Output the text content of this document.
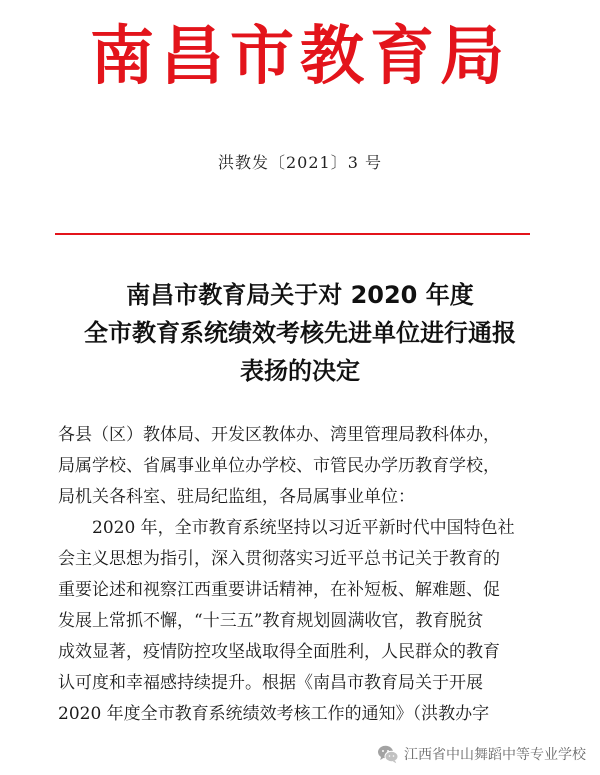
南昌市教育局
洪教发〔2021〕3 号
南昌市教育局关于对 2020 年度
全市教育系统绩效考核先进单位进行通报
表扬的决定

各县（区）教体局、开发区教体办、湾里管理局教科体办，

局属学校、省属事业单位办学校、市管民办学历教育学校，

局机关各科室、驻局纪监组，各局属事业单位：

2020 年，全市教育系统坚持以习近平新时代中国特色社

会主义思想为指引，深入贯彻落实习近平总书记关于教育的

重要论述和视察江西重要讲话精神，在补短板、解难题、促

发展上常抓不懈，“十三五”教育规划圆满收官，教育脱贫

成效显著，疫情防控攻坚战取得全面胜利，人民群众的教育

认可度和幸福感持续提升。根据《南昌市教育局关于开展

2020 年度全市教育系统绩效考核工作的通知》（洪教办字

江西省中山舞蹈中等专业学校
